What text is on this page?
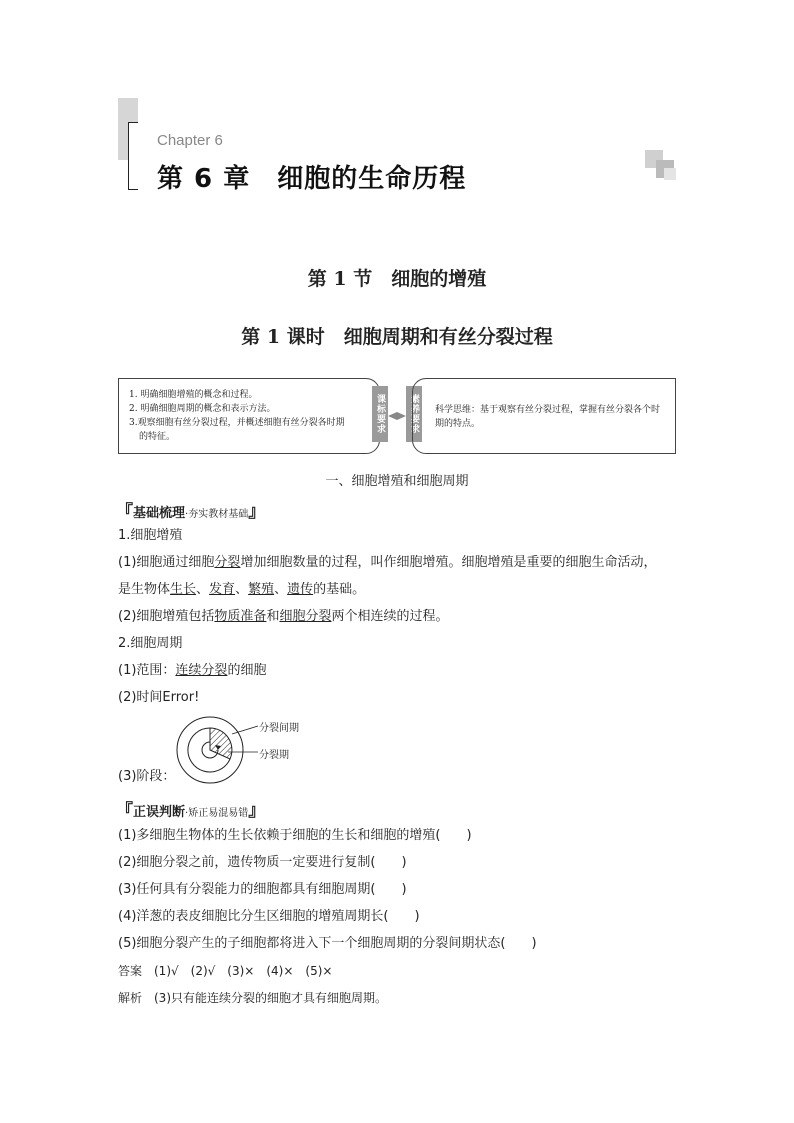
Chapter 6
第 6 章　细胞的生命历程
第 1 节　细胞的增殖
第 1 课时　细胞周期和有丝分裂过程
1. 明确细胞增殖的概念和过程。
2. 明确细胞周期的概念和表示方法。
3.观察细胞有丝分裂过程，并概述细胞有丝分裂各时期
的特征。
课标要求	素养要求	科学思维：基于观察有丝分裂过程，掌握有丝分裂各个时期的特点。
一、细胞增殖和细胞周期
『基础梳理·夯实教材基础』
1.细胞增殖
(1)细胞通过细胞分裂增加细胞数量的过程，叫作细胞增殖。细胞增殖是重要的细胞生命活动，
是生物体生长、发育、繁殖、遗传的基础。
(2)细胞增殖包括物质准备和细胞分裂两个相连续的过程。
2.细胞周期
(1)范围：连续分裂的细胞
(2)时间Error!
分裂间期
分裂期
(3)阶段：
『正误判断·矫正易混易错』
(1)多细胞生物体的生长依赖于细胞的生长和细胞的增殖(　　)
(2)细胞分裂之前，遗传物质一定要进行复制(　　)
(3)任何具有分裂能力的细胞都具有细胞周期(　　)
(4)洋葱的表皮细胞比分生区细胞的增殖周期长(　　)
(5)细胞分裂产生的子细胞都将进入下一个细胞周期的分裂间期状态(　　)
答案　(1)√　(2)√　(3)×　(4)×　(5)×
解析　(3)只有能连续分裂的细胞才具有细胞周期。
